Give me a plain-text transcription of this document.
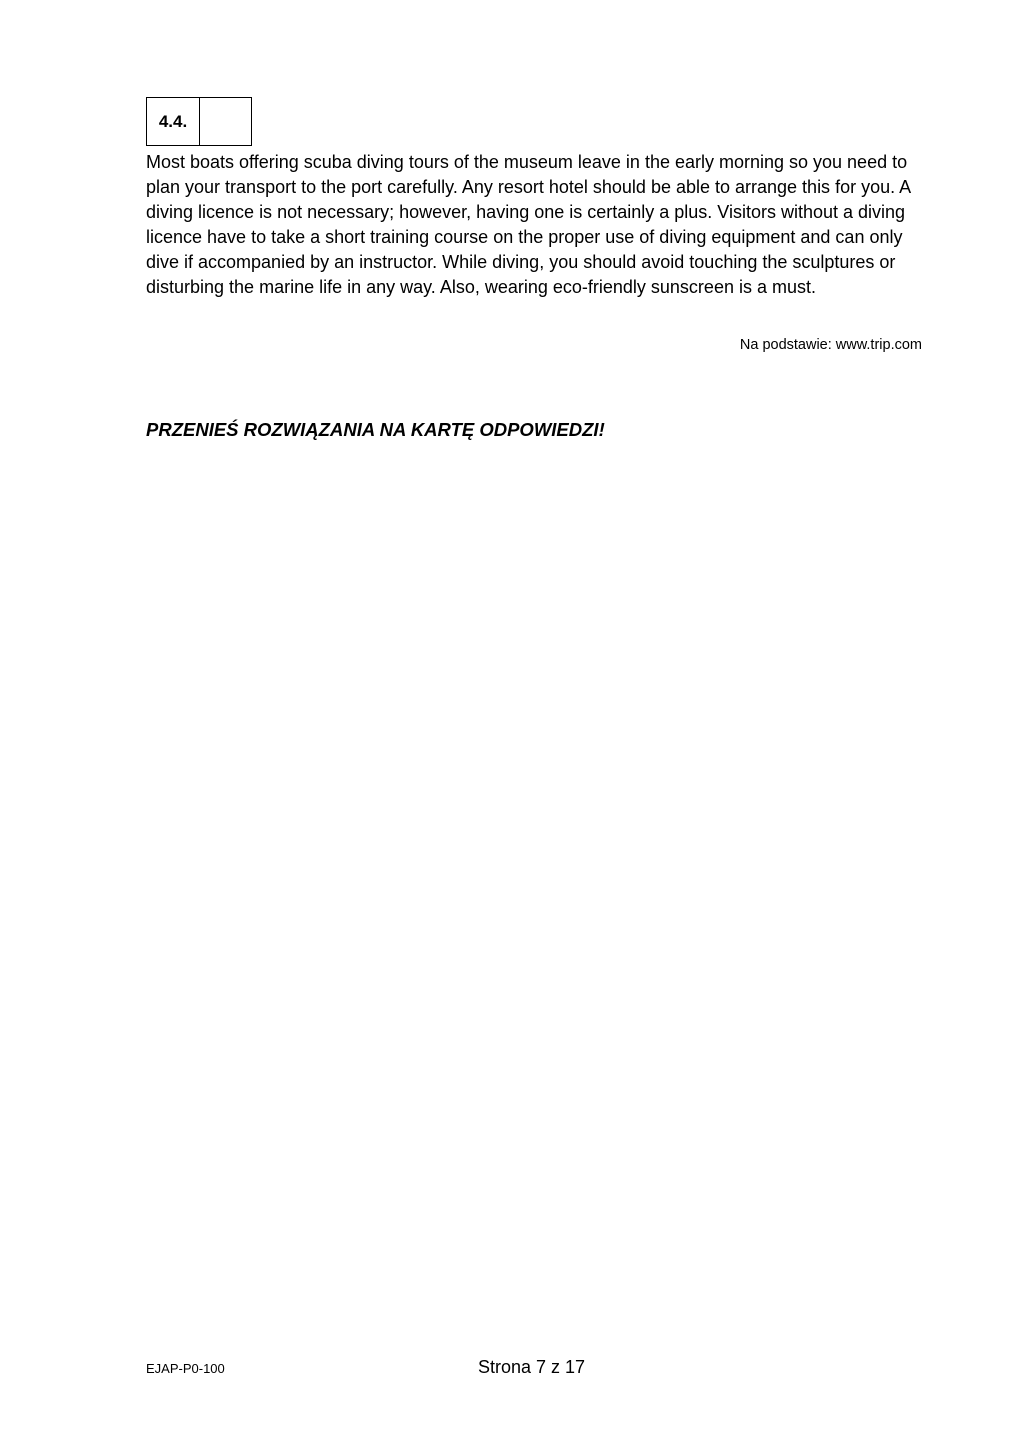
4.4.

Most boats offering scuba diving tours of the museum leave in the early morning so you need to plan your transport to the port carefully. Any resort hotel should be able to arrange this for you. A diving licence is not necessary; however, having one is certainly a plus. Visitors without a diving licence have to take a short training course on the proper use of diving equipment and can only dive if accompanied by an instructor. While diving, you should avoid touching the sculptures or disturbing the marine life in any way. Also, wearing eco-friendly sunscreen is a must.

Na podstawie: www.trip.com

PRZENIEŚ ROZWIĄZANIA NA KARTĘ ODPOWIEDZI!

EJAP-P0-100	Strona 7 z 17
